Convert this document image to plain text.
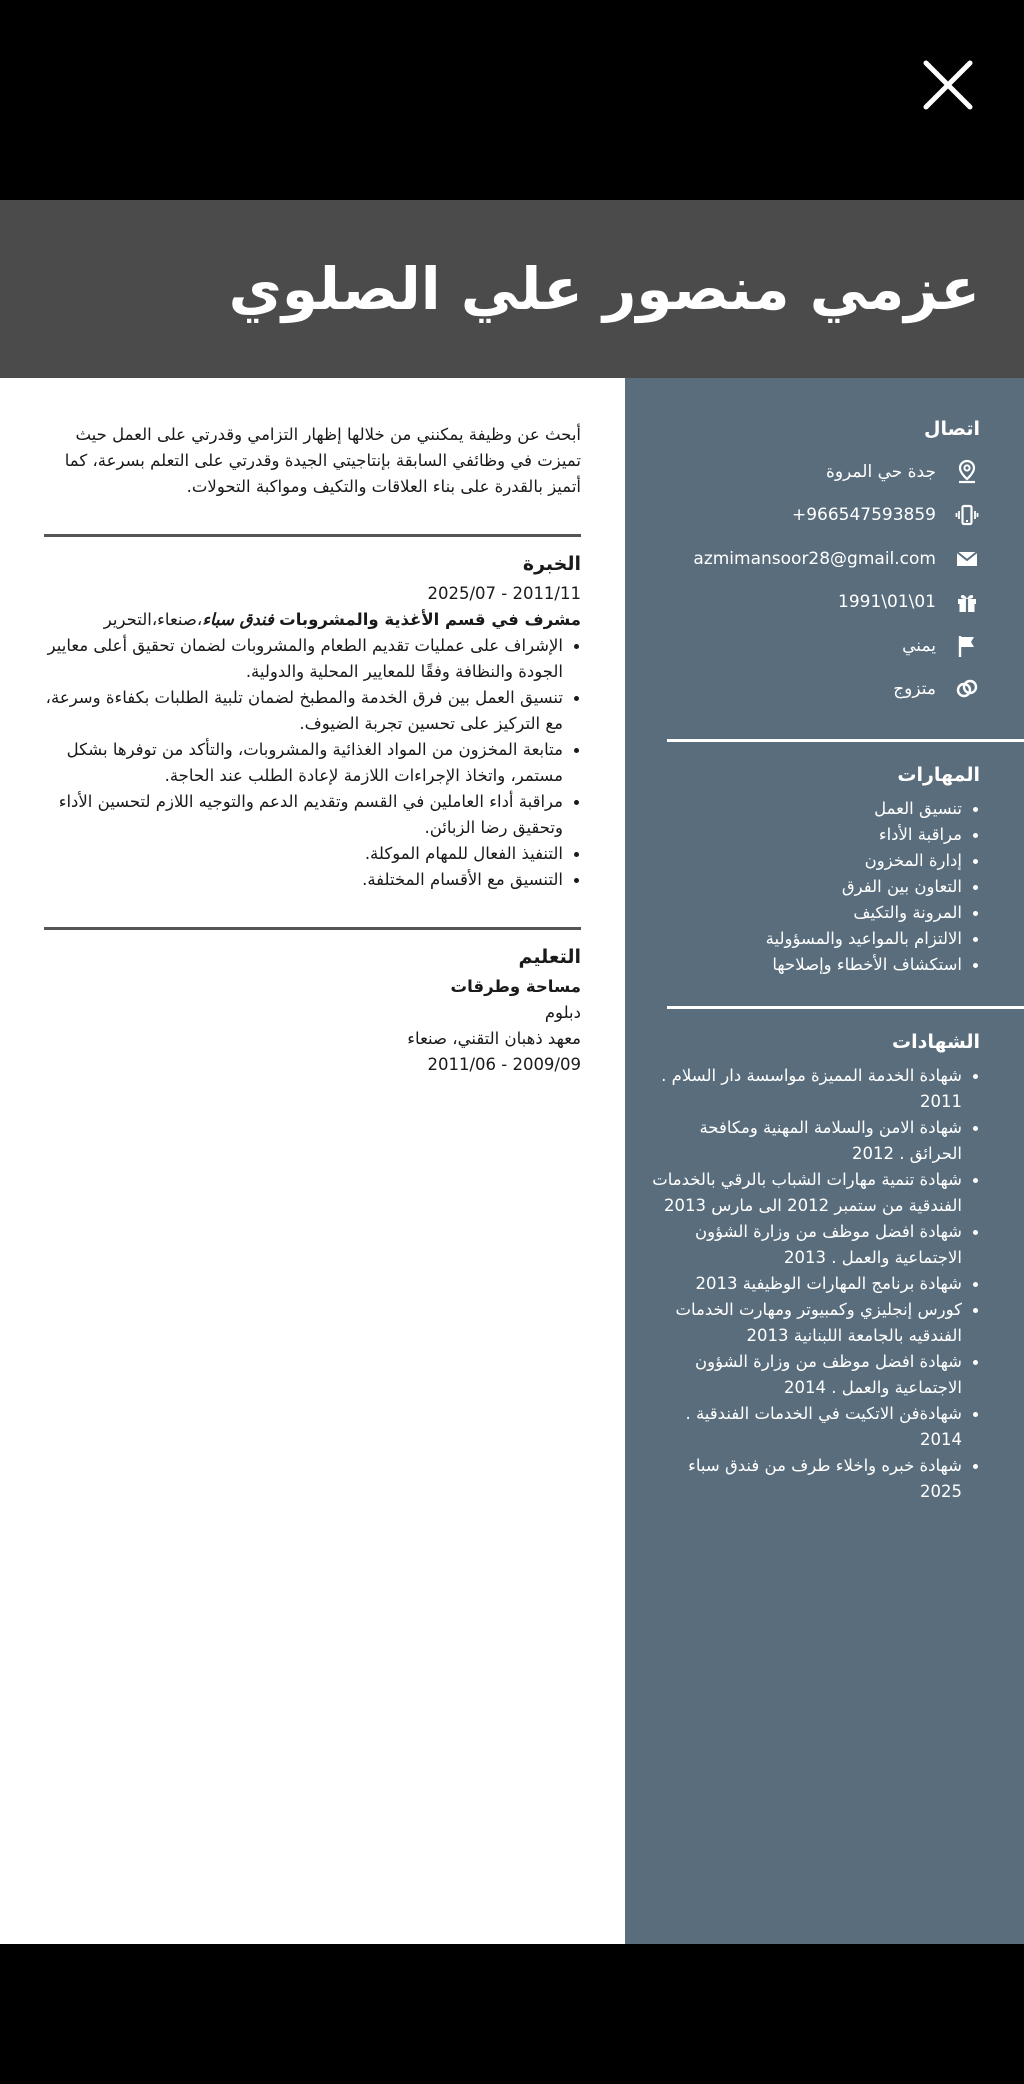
عزمي منصور علي الصلوي
اتصال
جدة حي المروة
+966547593859
azmimansoor28@gmail.com
1991\01\01
يمني
متزوج
المهارات
تنسيق العمل
مراقبة الأداء
إدارة المخزون
التعاون بين الفرق
المرونة والتكيف
الالتزام بالمواعيد والمسؤولية
استكشاف الأخطاء وإصلاحها
الشهادات
شهادة الخدمة المميزة مواسسة دار السلام . 2011
شهادة الامن والسلامة المهنية ومكافحة الحرائق . 2012
شهادة تنمية مهارات الشباب بالرقي بالخدمات الفندقية من ستمبر 2012 الى مارس 2013
شهادة افضل موظف من وزارة الشؤون الاجتماعية والعمل . 2013
شهادة برنامج المهارات الوظيفية 2013
كورس إنجليزي وكمبيوتر ومهارت الخدمات الفندقيه بالجامعة اللبنانية 2013
شهادة افضل موظف من وزارة الشؤون الاجتماعية والعمل . 2014
شهادةفن الاتكيت في الخدمات الفندقية . 2014
شهادة خبره واخلاء طرف من فندق سباء 2025

أبحث عن وظيفة يمكنني من خلالها إظهار التزامي وقدرتي على العمل حيث تميزت في وظائفي السابقة بإنتاجيتي الجيدة وقدرتي على التعلم بسرعة، كما أتميز بالقدرة على بناء العلاقات والتكيف ومواكبة التحولات.

الخبرة
2025/07 - 2011/11
مشرف في قسم الأغذية والمشروبات فندق سباء،صنعاء،التحرير
الإشراف على عمليات تقديم الطعام والمشروبات لضمان تحقيق أعلى معايير الجودة والنظافة وفقًا للمعايير المحلية والدولية.
تنسيق العمل بين فرق الخدمة والمطبخ لضمان تلبية الطلبات بكفاءة وسرعة، مع التركيز على تحسين تجربة الضيوف.
متابعة المخزون من المواد الغذائية والمشروبات، والتأكد من توفرها بشكل مستمر، واتخاذ الإجراءات اللازمة لإعادة الطلب عند الحاجة.
مراقبة أداء العاملين في القسم وتقديم الدعم والتوجيه اللازم لتحسين الأداء وتحقيق رضا الزبائن.
التنفيذ الفعال للمهام الموكلة.
التنسيق مع الأقسام المختلفة.
التعليم
مساحة وطرقات
دبلوم
معهد ذهبان التقني، صنعاء
2011/06 - 2009/09
